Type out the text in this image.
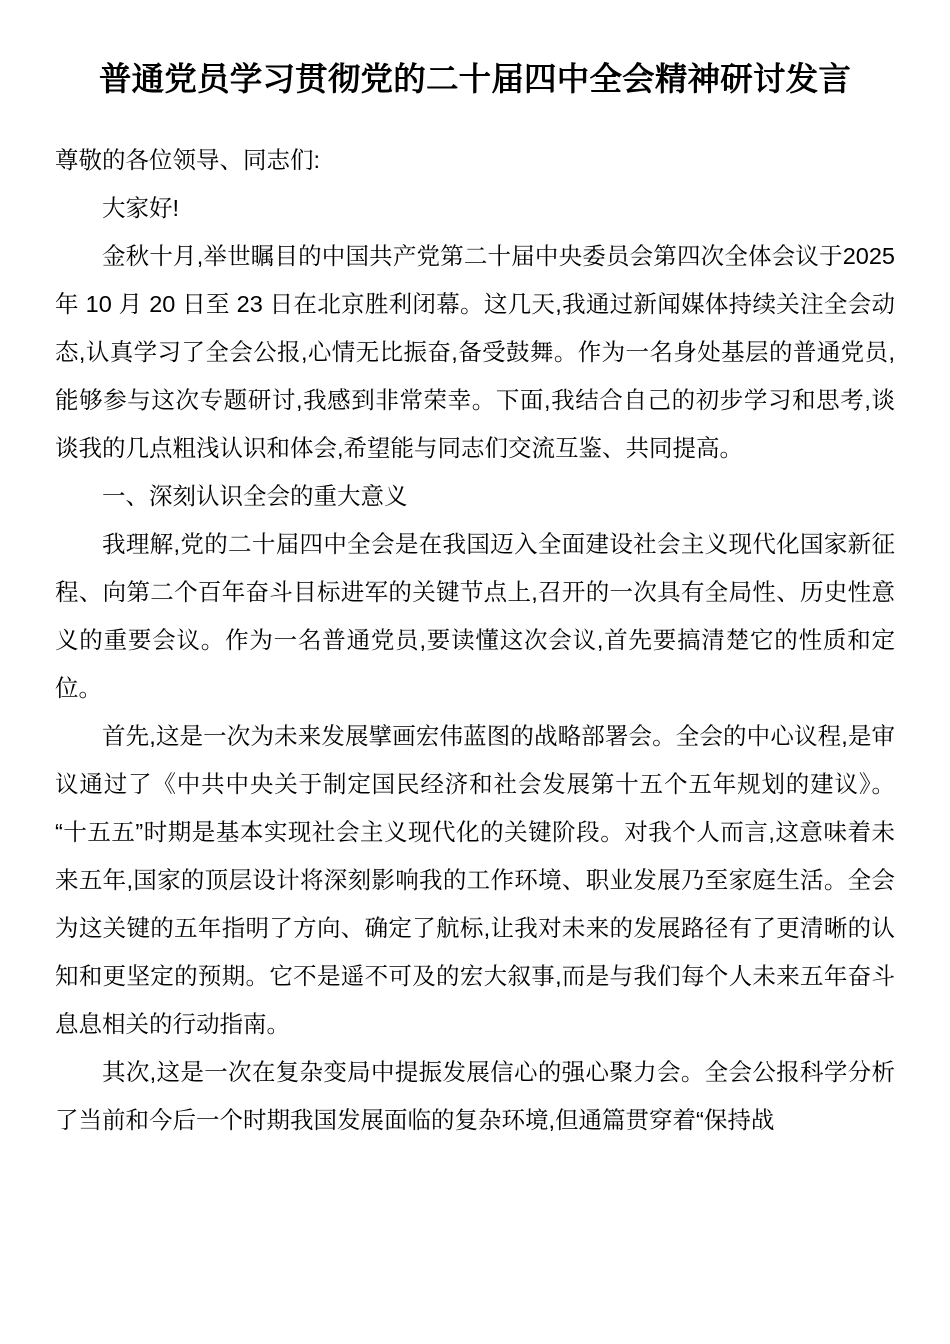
普通党员学习贯彻党的二十届四中全会精神研讨发言

尊敬的各位领导、同志们:

大家好!

金秋十月,举世瞩目的中国共产党第二十届中央委员会第四次全体会议于2025 年 10 月 20 日至 23 日在北京胜利闭幕。这几天,我通过新闻媒体持续关注全会动态,认真学习了全会公报,心情无比振奋,备受鼓舞。作为一名身处基层的普通党员,能够参与这次专题研讨,我感到非常荣幸。下面,我结合自己的初步学习和思考,谈谈我的几点粗浅认识和体会,希望能与同志们交流互鉴、共同提高。

一、深刻认识全会的重大意义

我理解,党的二十届四中全会是在我国迈入全面建设社会主义现代化国家新征程、向第二个百年奋斗目标进军的关键节点上,召开的一次具有全局性、历史性意义的重要会议。作为一名普通党员,要读懂这次会议,首先要搞清楚它的性质和定位。

首先,这是一次为未来发展擘画宏伟蓝图的战略部署会。全会的中心议程,是审议通过了《中共中央关于制定国民经济和社会发展第十五个五年规划的建议》。“十五五”时期是基本实现社会主义现代化的关键阶段。对我个人而言,这意味着未来五年,国家的顶层设计将深刻影响我的工作环境、职业发展乃至家庭生活。全会为这关键的五年指明了方向、确定了航标,让我对未来的发展路径有了更清晰的认知和更坚定的预期。它不是遥不可及的宏大叙事,而是与我们每个人未来五年奋斗息息相关的行动指南。

其次,这是一次在复杂变局中提振发展信心的强心聚力会。全会公报科学分析了当前和今后一个时期我国发展面临的复杂环境,但通篇贯穿着“保持战
